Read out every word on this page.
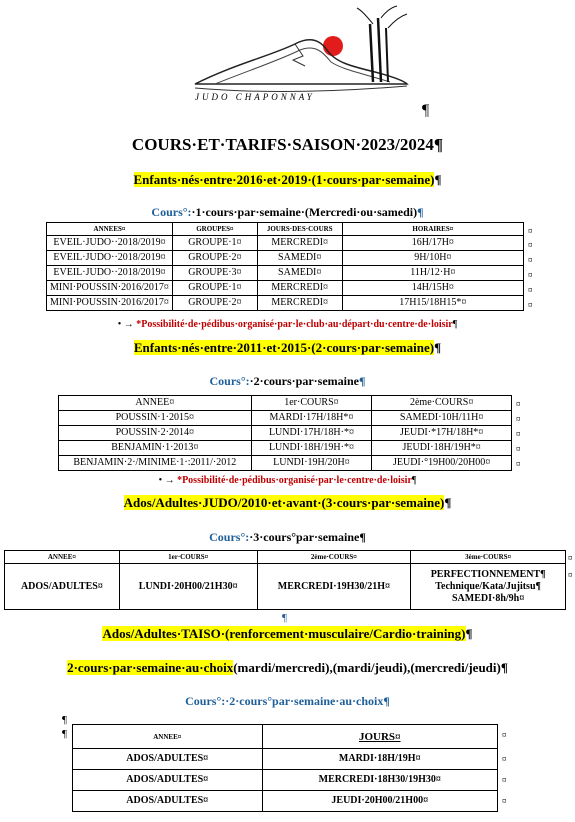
JUDO CHAPONNAY
¶
COURS·ET·TARIFS·SAISON·2023/2024¶
Enfants·nés·entre·2016·et·2019·(1·cours·par·semaine)¶
Cours°:·1·cours·par·semaine·(Mercredi·ou·samedi)¶
ANNEES¤	GROUPES¤	JOURS·DES·COURS	HORAIRES¤
EVEIL·JUDO··2018/2019¤	GROUPE·1¤	MERCREDI¤	16H/17H¤
EVEIL·JUDO··2018/2019¤	GROUPE·2¤	SAMEDI¤	9H/10H¤
EVEIL·JUDO··2018/2019¤	GROUPE·3¤	SAMEDI¤	11H/12·H¤
MINI·POUSSIN·2016/2017¤	GROUPE·1¤	MERCREDI¤	14H/15H¤
MINI·POUSSIN·2016/2017¤	GROUPE·2¤	MERCREDI¤	17H15/18H15*¤
¤
¤
¤
¤
¤
¤
• → *Possibilité·de·pédibus·organisé·par·le·club·au·départ·du·centre·de·loisir¶
Enfants·nés·entre·2011·et·2015·(2·cours·par·semaine)¶
Cours°:·2·cours·par·semaine¶
ANNEE¤	1er·COURS¤	2ème·COURS¤
POUSSIN·1·2015¤	MARDI·17H/18H*¤	SAMEDI·10H/11H¤
POUSSIN·2·2014¤	LUNDI·17H/18H·*¤	JEUDI·*17H/18H*¤
BENJAMIN·1·2013¤	LUNDI·18H/19H·*¤	JEUDI·18H/19H*¤
BENJAMIN·2·/MINIME·1·:2011/·2012	LUNDI·19H/20H¤	JEUDI·°19H00/20H00¤
¤
¤
¤
¤
¤
• → *Possibilité·de·pédibus·organisé·par·le·centre·de·loisir¶
Ados/Adultes·JUDO/2010·et·avant·(3·cours·par·semaine)¶
Cours°:·3·cours°par·semaine¶
ANNEE¤	1er·COURS¤	2ème·COURS¤	3ème·COURS¤
ADOS/ADULTES¤	LUNDI·20H00/21H30¤	MERCREDI·19H30/21H¤	PERFECTIONNEMENT¶
Technique/Kata/Jujitsu¶
SAMEDI·8h/9h¤
¤
¤
¶
Ados/Adultes·TAISO·(renforcement·musculaire/Cardio·training)¶
2·cours·par·semaine·au·choix(mardi/mercredi),(mardi/jeudi),(mercredi/jeudi)¶
Cours°:·2·cours°par·semaine·au·choix¶
¶
¶	ANNEE¤	JOURS¤
ADOS/ADULTES¤	MARDI·18H/19H¤
ADOS/ADULTES¤	MERCREDI·18H30/19H30¤
ADOS/ADULTES¤	JEUDI·20H00/21H00¤
¤
¤
¤
¤
